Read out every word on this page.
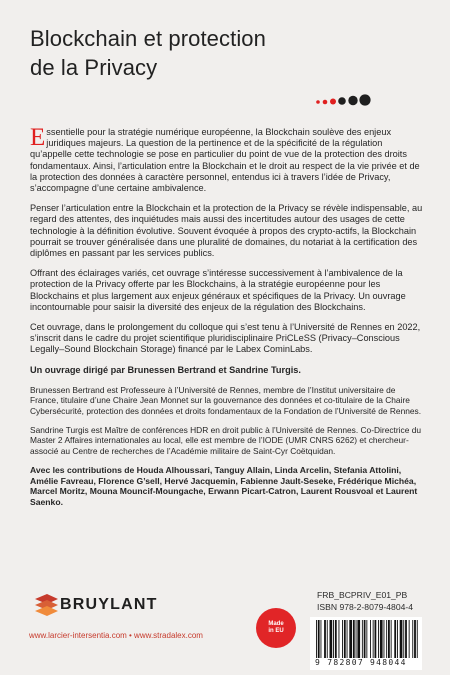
Blockchain et protection
de la Privacy

Essentielle pour la stratégie numérique européenne, la Blockchain soulève des enjeux juridiques majeurs. La question de la pertinence et de la spécificité de la régulation qu’appelle cette technologie se pose en particulier du point de vue de la protection des droits fondamentaux. Ainsi, l’articulation entre la Blockchain et le droit au respect de la vie privée et de la protection des données à caractère personnel, entendus ici à travers l’idée de Privacy, s’accompagne d’une certaine ambivalence.

Penser l’articulation entre la Blockchain et la protection de la Privacy se révèle indispensable, au regard des attentes, des inquiétudes mais aussi des incertitudes autour des usages de cette technologie à la définition évolutive. Souvent évoquée à propos des crypto-actifs, la Blockchain pourrait se trouver généralisée dans une pluralité de domaines, du notariat à la certification des diplômes en passant par les services publics.

Offrant des éclairages variés, cet ouvrage s’intéresse successivement à l’ambivalence de la protection de la Privacy offerte par les Blockchains, à la stratégie européenne pour les Blockchains et plus largement aux enjeux généraux et spécifiques de la Privacy. Un ouvrage incontournable pour saisir la diversité des enjeux de la régulation des Blockchains.

Cet ouvrage, dans le prolongement du colloque qui s’est tenu à l’Université de Rennes en 2022, s’inscrit dans le cadre du projet scientifique pluridisciplinaire PriCLeSS (Privacy–Conscious Legally–Sound Blockchain Storage) financé par le Labex CominLabs.

Un ouvrage dirigé par Brunessen Bertrand et Sandrine Turgis.

Brunessen Bertrand est Professeure à l’Université de Rennes, membre de l’Institut universitaire de France, titulaire d’une Chaire Jean Monnet sur la gouvernance des données et co-titulaire de la Chaire Cybersécurité, protection des données et droits fondamentaux de la Fondation de l’Université de Rennes.

Sandrine Turgis est Maître de conférences HDR en droit public à l’Université de Rennes. Co-Directrice du Master 2 Affaires internationales au local, elle est membre de l’IODE (UMR CNRS 6262) et chercheur-associé au Centre de recherches de l’Académie militaire de Saint-Cyr Coëtquidan.

Avec les contributions de Houda Alhoussari, Tanguy Allain, Linda Arcelin, Stefania Attolini, Amélie Favreau, Florence G’sell, Hervé Jacquemin, Fabienne Jault-Seseke, Frédérique Michéa, Marcel Moritz, Mouna Mouncif-Moungache, Erwann Picart-Catron, Laurent Rousvoal et Laurent Saenko.

BRUYLANT
www.larcier-intersentia.com • www.stradalex.com
Made
in EU
FRB_BCPRIV_E01_PB
ISBN 978-2-8079-4804-4
9 782807 948044
